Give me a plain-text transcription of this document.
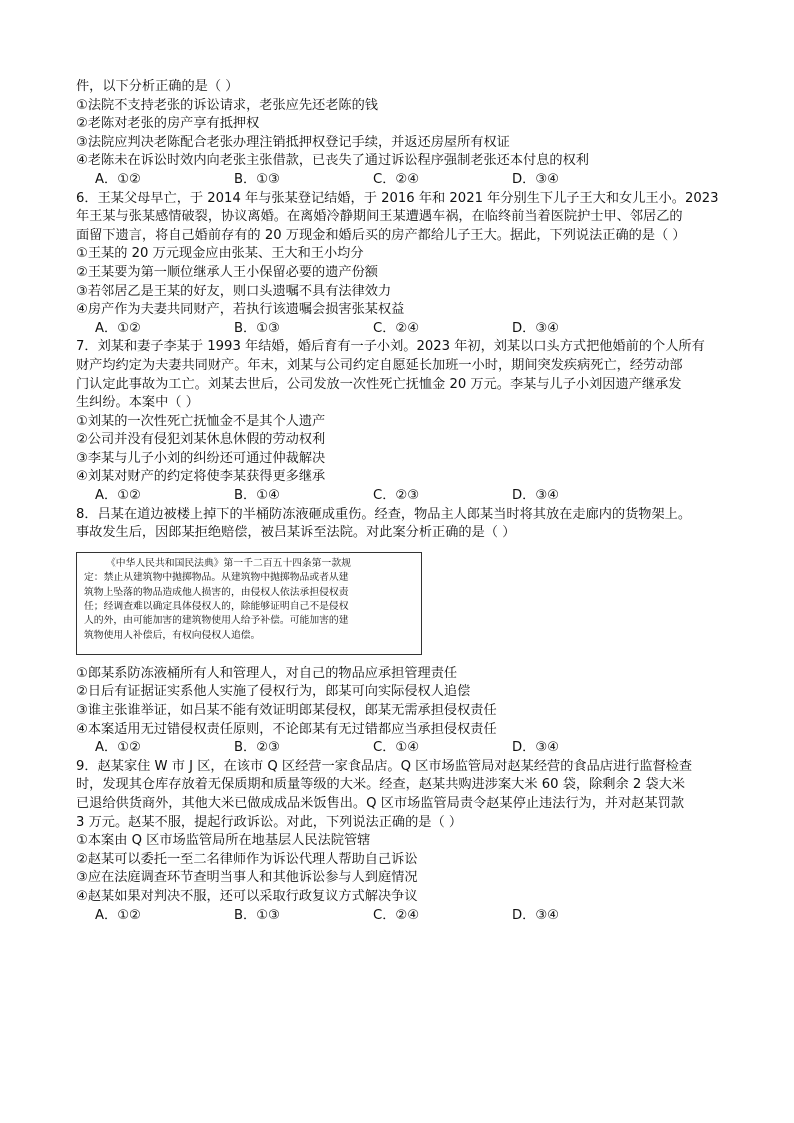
件，以下分析正确的是（ ）
①法院不支持老张的诉讼请求，老张应先还老陈的钱
②老陈对老张的房产享有抵押权
③法院应判决老陈配合老张办理注销抵押权登记手续，并返还房屋所有权证
④老陈未在诉讼时效内向老张主张借款，已丧失了通过诉讼程序强制老张还本付息的权利
A．①②	B．①③	C．②④	D．③④
6．王某父母早亡，于 2014 年与张某登记结婚，于 2016 年和 2021 年分别生下儿子王大和女儿王小。2023
年王某与张某感情破裂，协议离婚。在离婚冷静期间王某遭遇车祸，在临终前当着医院护士甲、邻居乙的
面留下遗言，将自己婚前存有的 20 万现金和婚后买的房产都给儿子王大。据此，下列说法正确的是（ ）
①王某的 20 万元现金应由张某、王大和王小均分
②王某要为第一顺位继承人王小保留必要的遗产份额
③若邻居乙是王某的好友，则口头遗嘱不具有法律效力
④房产作为夫妻共同财产，若执行该遗嘱会损害张某权益
A．①②	B．①③	C．②④	D．③④
7．刘某和妻子李某于 1993 年结婚，婚后育有一子小刘。2023 年初，刘某以口头方式把他婚前的个人所有
财产均约定为夫妻共同财产。年末，刘某与公司约定自愿延长加班一小时，期间突发疾病死亡，经劳动部
门认定此事故为工亡。刘某去世后，公司发放一次性死亡抚恤金 20 万元。李某与儿子小刘因遗产继承发
生纠纷。本案中（ ）
①刘某的一次性死亡抚恤金不是其个人遗产
②公司并没有侵犯刘某休息休假的劳动权利
③李某与儿子小刘的纠纷还可通过仲裁解决
④刘某对财产的约定将使李某获得更多继承
A．①②	B．①④	C．②③	D．③④
8．吕某在道边被楼上掉下的半桶防冻液砸成重伤。经查，物品主人郎某当时将其放在走廊内的货物架上。
事故发生后，因郎某拒绝赔偿，被吕某诉至法院。对此案分析正确的是（ ）
《中华人民共和国民法典》第一千二百五十四条第一款规
定：禁止从建筑物中抛掷物品。从建筑物中抛掷物品或者从建
筑物上坠落的物品造成他人损害的，由侵权人依法承担侵权责
任；经调查难以确定具体侵权人的，除能够证明自己不是侵权
人的外，由可能加害的建筑物使用人给予补偿。可能加害的建
筑物使用人补偿后，有权向侵权人追偿。
①郎某系防冻液桶所有人和管理人，对自己的物品应承担管理责任
②日后有证据证实系他人实施了侵权行为，郎某可向实际侵权人追偿
③谁主张谁举证，如吕某不能有效证明郎某侵权，郎某无需承担侵权责任
④本案适用无过错侵权责任原则，不论郎某有无过错都应当承担侵权责任
A．①②	B．②③	C．①④	D．③④
9．赵某家住 W 市 J 区，在该市 Q 区经营一家食品店。Q 区市场监管局对赵某经营的食品店进行监督检查
时，发现其仓库存放着无保质期和质量等级的大米。经查，赵某共购进涉案大米 60 袋，除剩余 2 袋大米
已退给供货商外，其他大米已做成成品米饭售出。Q 区市场监管局责令赵某停止违法行为，并对赵某罚款
3 万元。赵某不服，提起行政诉讼。对此，下列说法正确的是（ ）
①本案由 Q 区市场监管局所在地基层人民法院管辖
②赵某可以委托一至二名律师作为诉讼代理人帮助自己诉讼
③应在法庭调查环节查明当事人和其他诉讼参与人到庭情况
④赵某如果对判决不服，还可以采取行政复议方式解决争议
A．①②	B．①③	C．②④	D．③④
